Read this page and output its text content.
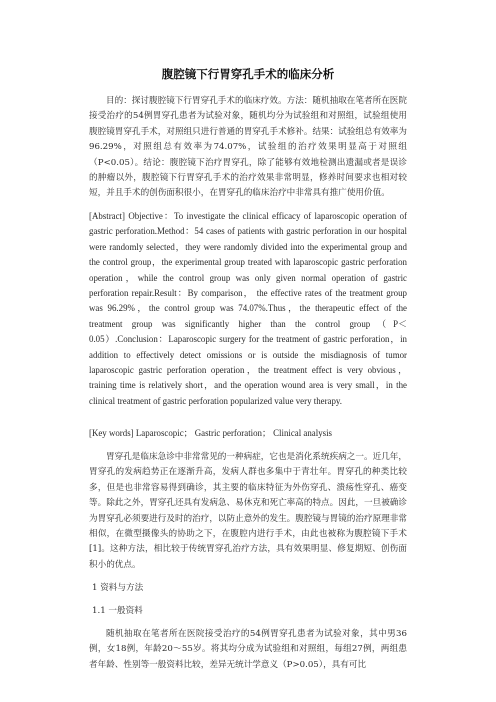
腹腔镜下行胃穿孔手术的临床分析
目的：探讨腹腔镜下行胃穿孔手术的临床疗效。方法：随机抽取在笔者所在医院接受治疗的54例胃穿孔患者为试验对象，随机均分为试验组和对照组，试验组使用腹腔镜胃穿孔手术，对照组只进行普通的胃穿孔手术修补。结果：试验组总有效率为96.29%，对照组总有效率为74.07%，试验组的治疗效果明显高于对照组（P<0.05）。结论：腹腔镜下治疗胃穿孔，除了能够有效地检测出遗漏或者是误诊的肿瘤以外，腹腔镜下行胃穿孔手术的治疗效果非常明显，修养时间要求也相对较短，并且手术的创伤面积很小，在胃穿孔的临床治疗中非常具有推广使用价值。
[Abstract] Objective：To investigate the clinical efficacy of laparoscopic operation of gastric perforation.Method：54 cases of patients with gastric perforation in our hospital were randomly selected，they were randomly divided into the experimental group and the control group，the experimental group treated with laparoscopic gastric perforation operation，while the control group was only given normal operation of gastric perforation repair.Result：By comparison， the effective rates of the treatment group was 96.29%，the control group was 74.07%.Thus，the therapeutic effect of the treatment group was significantly higher than the control group（P＜0.05）.Conclusion：Laparoscopic surgery for the treatment of gastric perforation，in addition to effectively detect omissions or is outside the misdiagnosis of tumor laparoscopic gastric perforation operation，the treatment effect is very obvious，training time is relatively short，and the operation wound area is very small，in the clinical treatment of gastric perforation popularized value very therapy.
[Key words] Laparoscopic； Gastric perforation； Clinical analysis
胃穿孔是临床急诊中非常常见的一种病症，它也是消化系统疾病之一。近几年，胃穿孔的发病趋势正在逐渐升高，发病人群也多集中于青壮年。胃穿孔的种类比较多，但是也非常容易得到确诊，其主要的临床特征为外伤穿孔、溃疡性穿孔、癌变等。除此之外，胃穿孔还具有发病急、易休克和死亡率高的特点。因此，一旦被确诊为胃穿孔必须要进行及时的治疗，以防止意外的发生。腹腔镜与胃镜的治疗原理非常相似，在微型摄像头的协助之下，在腹腔内进行手术，由此也被称为腹腔镜下手术[1]。这种方法，相比较于传统胃穿孔治疗方法，具有效果明显、修复期短、创伤面积小的优点。
1 资料与方法
1.1 一般资料
随机抽取在笔者所在医院接受治疗的54例胃穿孔患者为试验对象，其中男36例，女18例，年龄20～55岁。将其均分成为试验组和对照组，每组27例，两组患者年龄、性别等一般资料比较，差异无统计学意义（P>0.05），具有可比
